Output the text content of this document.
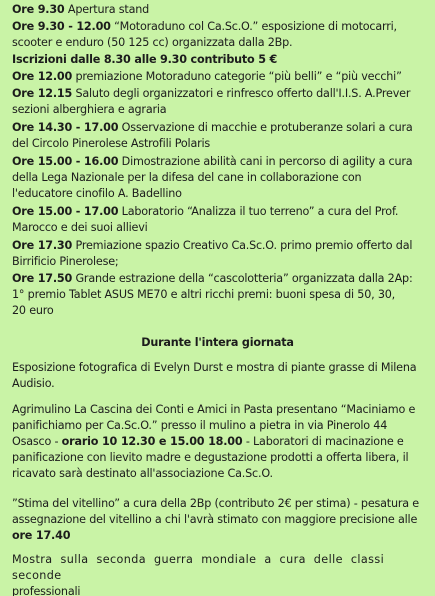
Ore 9.30 Apertura stand
Ore 9.30 - 12.00 “Motoraduno col Ca.Sc.O.” esposizione di motocarri,
scooter e enduro (50 125 cc) organizzata dalla 2Bp.
Iscrizioni dalle 8.30 alle 9.30 contributo 5 €
Ore 12.00 premiazione Motoraduno categorie “più belli” e “più vecchi”
Ore 12.15 Saluto degli organizzatori e rinfresco offerto dall'I.I.S. A.Prever
sezioni alberghiera e agraria
Ore 14.30 - 17.00 Osservazione di macchie e protuberanze solari a cura
del Circolo Pinerolese Astrofili Polaris
Ore 15.00 - 16.00 Dimostrazione abilità cani in percorso di agility a cura
della Lega Nazionale per la difesa del cane in collaborazione con
l'educatore cinofilo A. Badellino
Ore 15.00 - 17.00 Laboratorio “Analizza il tuo terreno” a cura del Prof.
Marocco e dei suoi allievi
Ore 17.30 Premiazione spazio Creativo Ca.Sc.O. primo premio offerto dal
Birrificio Pinerolese;
Ore 17.50 Grande estrazione della “cascolotteria” organizzata dalla 2Ap:
1° premio Tablet ASUS ME70 e altri ricchi premi: buoni spesa di 50, 30,
20 euro
Durante l'intera giornata
Esposizione fotografica di Evelyn Durst e mostra di piante grasse di Milena
Audisio.
Agrimulino La Cascina dei Conti e Amici in Pasta presentano “Maciniamo e
panifichiamo per Ca.Sc.O.” presso il mulino a pietra in via Pinerolo 44
Osasco - orario 10 12.30 e 15.00 18.00 - Laboratori di macinazione e
panificazione con lievito madre e degustazione prodotti a offerta libera, il
ricavato sarà destinato all'associazione Ca.Sc.O.
”Stima del vitellino” a cura della 2Bp (contributo 2€ per stima) - pesatura e
assegnazione del vitellino a chi l'avrà stimato con maggiore precisione alle
ore 17.40
Mostra sulla seconda guerra mondiale a cura delle classi seconde
professionali
